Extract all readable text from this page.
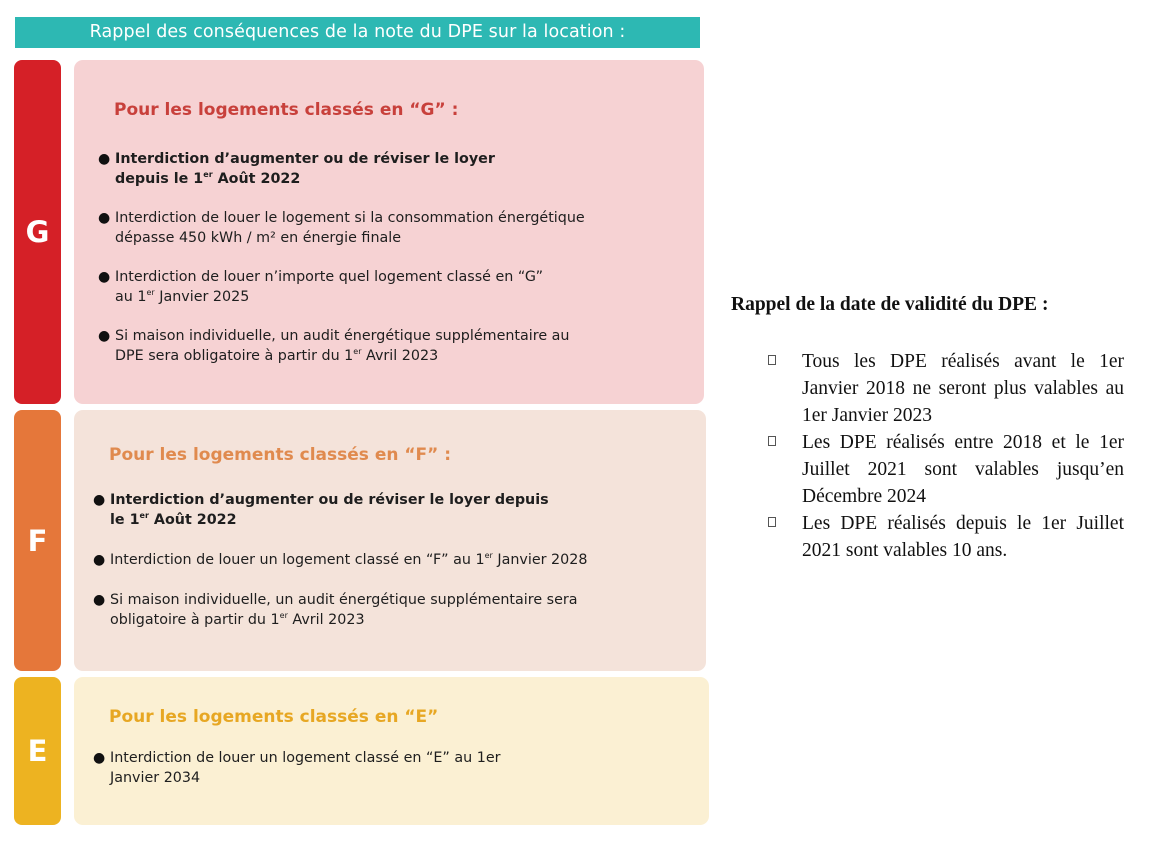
Rappel des conséquences de la note du DPE sur la location :
G
Pour les logements classés en “G” :
● Interdiction d’augmenter ou de réviser le loyer
depuis le 1er Août 2022
● Interdiction de louer le logement si la consommation énergétique
dépasse 450 kWh / m² en énergie finale
● Interdiction de louer n’importe quel logement classé en “G”
au 1er Janvier 2025
● Si maison individuelle, un audit énergétique supplémentaire au
DPE sera obligatoire à partir du 1er Avril 2023
F
Pour les logements classés en “F” :
● Interdiction d’augmenter ou de réviser le loyer depuis
le 1er Août 2022
● Interdiction de louer un logement classé en “F” au 1er Janvier 2028
● Si maison individuelle, un audit énergétique supplémentaire sera
obligatoire à partir du 1er Avril 2023
E
Pour les logements classés en “E”
● Interdiction de louer un logement classé en “E” au 1er
Janvier 2034
Rappel de la date de validité du DPE :
Tous les DPE réalisés avant le 1er Janvier 2018 ne seront plus valables au 1er Janvier 2023
Les DPE réalisés entre 2018 et le 1er Juillet 2021 sont valables jusqu’en Décembre 2024
Les DPE réalisés depuis le 1er Juillet 2021 sont valables 10 ans.
